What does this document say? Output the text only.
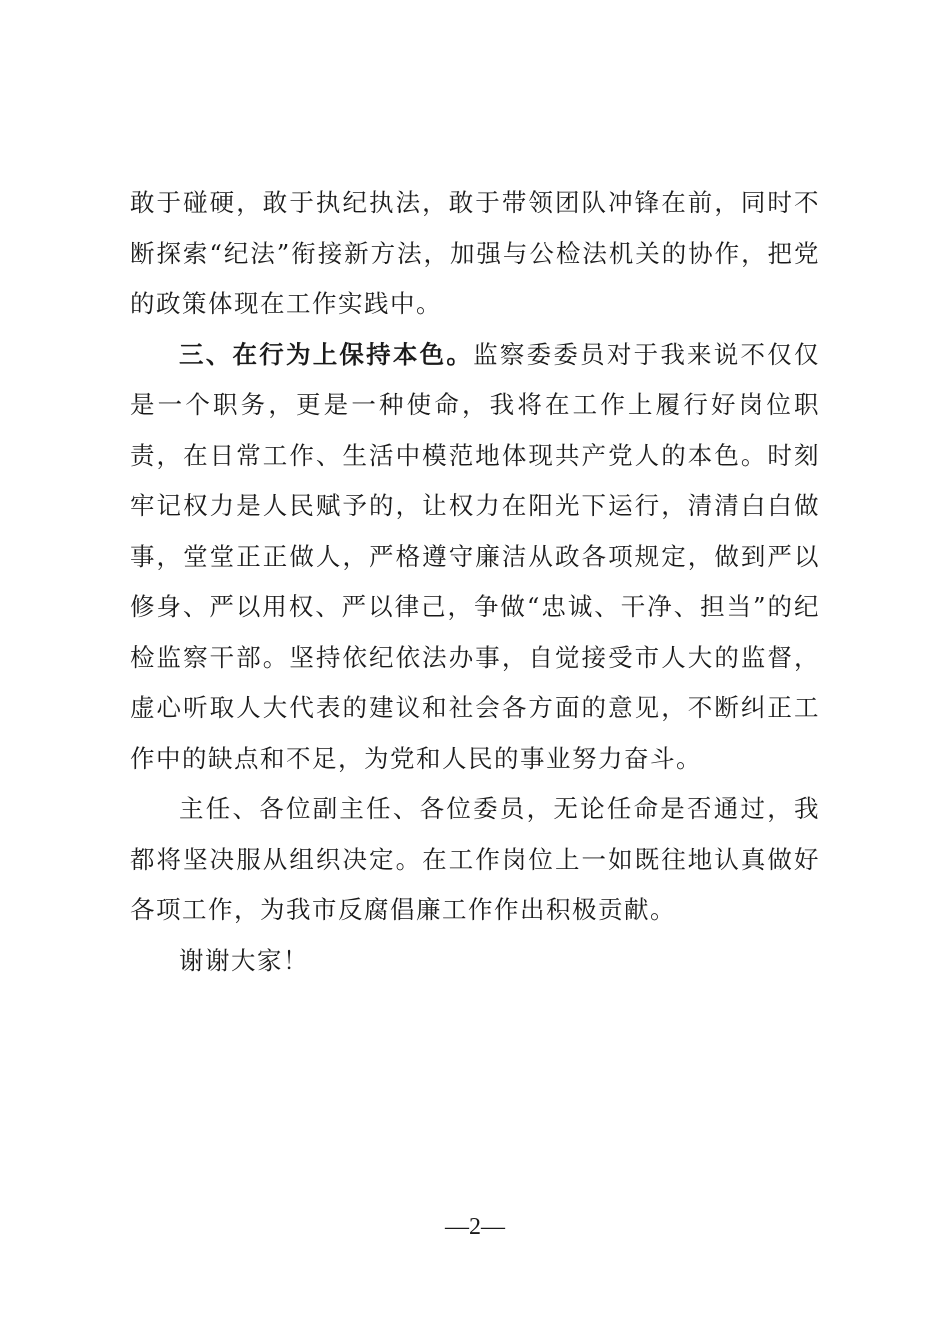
敢于碰硬，敢于执纪执法，敢于带领团队冲锋在前，同时不断探索“纪法”衔接新方法，加强与公检法机关的协作，把党的政策体现在工作实践中。

三、在行为上保持本色。监察委委员对于我来说不仅仅是一个职务，更是一种使命，我将在工作上履行好岗位职责，在日常工作、生活中模范地体现共产党人的本色。时刻牢记权力是人民赋予的，让权力在阳光下运行，清清白白做事，堂堂正正做人，严格遵守廉洁从政各项规定，做到严以修身、严以用权、严以律己，争做“忠诚、干净、担当”的纪检监察干部。坚持依纪依法办事，自觉接受市人大的监督，虚心听取人大代表的建议和社会各方面的意见，不断纠正工作中的缺点和不足，为党和人民的事业努力奋斗。

主任、各位副主任、各位委员，无论任命是否通过，我都将坚决服从组织决定。在工作岗位上一如既往地认真做好各项工作，为我市反腐倡廉工作作出积极贡献。

谢谢大家！

—2—
